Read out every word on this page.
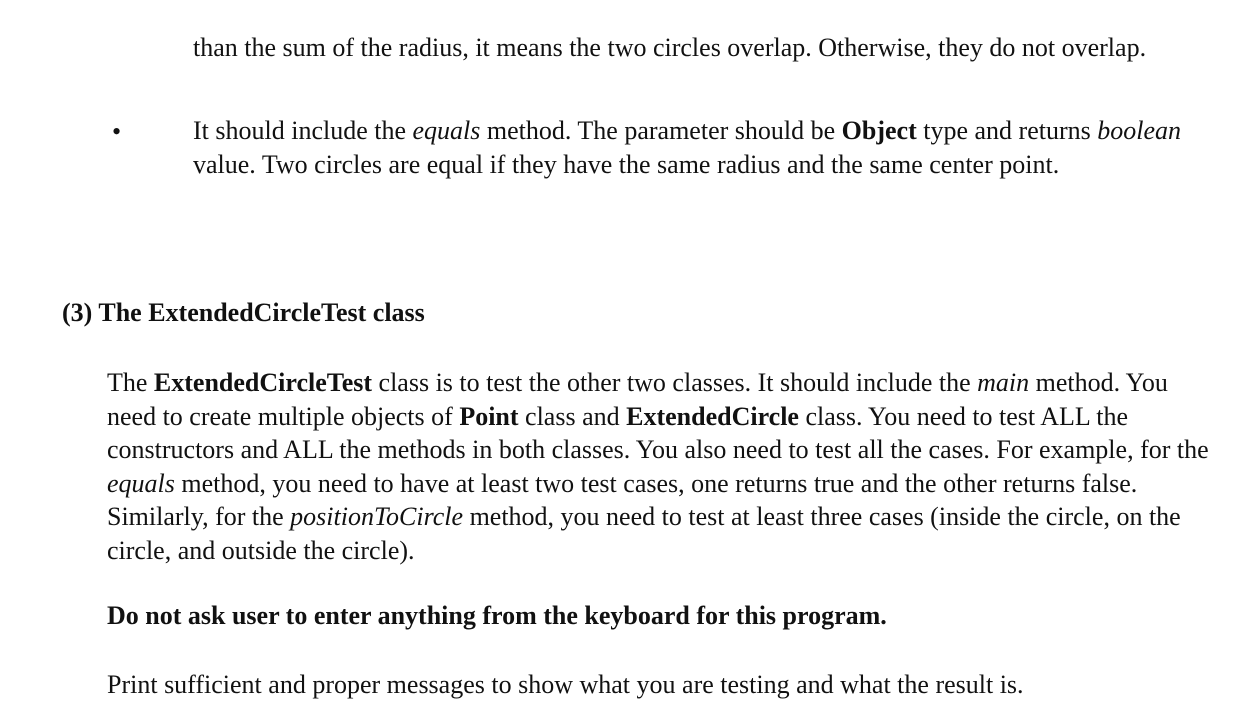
than the sum of the radius, it means the two circles overlap. Otherwise, they do not overlap.

•	It should include the equals method. The parameter should be Object type and returns boolean value. Two circles are equal if they have the same radius and the same center point.

(3) The ExtendedCircleTest class

The ExtendedCircleTest class is to test the other two classes. It should include the main method. You need to create multiple objects of Point class and ExtendedCircle class. You need to test ALL the constructors and ALL the methods in both classes. You also need to test all the cases. For example, for the equals method, you need to have at least two test cases, one returns true and the other returns false. Similarly, for the positionToCircle method, you need to test at least three cases (inside the circle, on the circle, and outside the circle).

Do not ask user to enter anything from the keyboard for this program.

Print sufficient and proper messages to show what you are testing and what the result is.
